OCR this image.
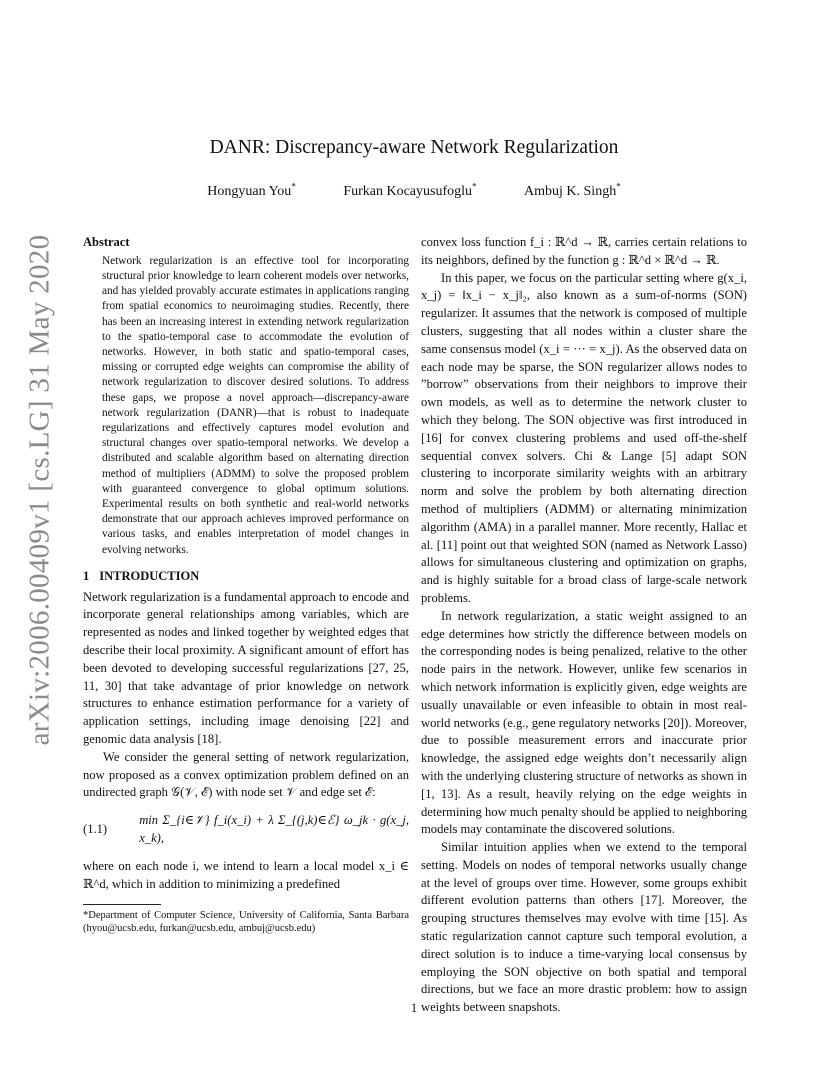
arXiv:2006.00409v1 [cs.LG] 31 May 2020
DANR: Discrepancy-aware Network Regularization
Hongyuan You*	Furkan Kocayusufoglu*	Ambuj K. Singh*
Abstract
Network regularization is an effective tool for incorporating structural prior knowledge to learn coherent models over networks, and has yielded provably accurate estimates in applications ranging from spatial economics to neuroimaging studies. Recently, there has been an increasing interest in extending network regularization to the spatio-temporal case to accommodate the evolution of networks. However, in both static and spatio-temporal cases, missing or corrupted edge weights can compromise the ability of network regularization to discover desired solutions. To address these gaps, we propose a novel approach—discrepancy-aware network regularization (DANR)—that is robust to inadequate regularizations and effectively captures model evolution and structural changes over spatio-temporal networks. We develop a distributed and scalable algorithm based on alternating direction method of multipliers (ADMM) to solve the proposed problem with guaranteed convergence to global optimum solutions. Experimental results on both synthetic and real-world networks demonstrate that our approach achieves improved performance on various tasks, and enables interpretation of model changes in evolving networks.
1 INTRODUCTION

Network regularization is a fundamental approach to encode and incorporate general relationships among variables, which are represented as nodes and linked together by weighted edges that describe their local proximity. A significant amount of effort has been devoted to developing successful regularizations [27, 25, 11, 30] that take advantage of prior knowledge on network structures to enhance estimation performance for a variety of application settings, including image denoising [22] and genomic data analysis [18].

We consider the general setting of network regularization, now proposed as a convex optimization problem defined on an undirected graph 𝒢(𝒱, ℰ) with node set 𝒱 and edge set ℰ:

(1.1)
min Σ_{i∈𝒱} f_i(x_i) + λ Σ_{(j,k)∈ℰ} ω_jk · g(x_j, x_k),

where on each node i, we intend to learn a local model x_i ∈ ℝ^d, which in addition to minimizing a predefined

*Department of Computer Science, University of California, Santa Barbara (hyou@ucsb.edu, furkan@ucsb.edu, ambuj@ucsb.edu)

convex loss function f_i : ℝ^d → ℝ, carries certain relations to its neighbors, defined by the function g : ℝ^d × ℝ^d → ℝ.

In this paper, we focus on the particular setting where g(x_i, x_j) = ‖x_i − x_j‖₂, also known as a sum-of-norms (SON) regularizer. It assumes that the network is composed of multiple clusters, suggesting that all nodes within a cluster share the same consensus model (x_i = ··· = x_j). As the observed data on each node may be sparse, the SON regularizer allows nodes to ”borrow” observations from their neighbors to improve their own models, as well as to determine the network cluster to which they belong. The SON objective was first introduced in [16] for convex clustering problems and used off-the-shelf sequential convex solvers. Chi & Lange [5] adapt SON clustering to incorporate similarity weights with an arbitrary norm and solve the problem by both alternating direction method of multipliers (ADMM) or alternating minimization algorithm (AMA) in a parallel manner. More recently, Hallac et al. [11] point out that weighted SON (named as Network Lasso) allows for simultaneous clustering and optimization on graphs, and is highly suitable for a broad class of large-scale network problems.

In network regularization, a static weight assigned to an edge determines how strictly the difference between models on the corresponding nodes is being penalized, relative to the other node pairs in the network. However, unlike few scenarios in which network information is explicitly given, edge weights are usually unavailable or even infeasible to obtain in most real-world networks (e.g., gene regulatory networks [20]). Moreover, due to possible measurement errors and inaccurate prior knowledge, the assigned edge weights don’t necessarily align with the underlying clustering structure of networks as shown in [1, 13]. As a result, heavily relying on the edge weights in determining how much penalty should be applied to neighboring models may contaminate the discovered solutions.

Similar intuition applies when we extend to the temporal setting. Models on nodes of temporal networks usually change at the level of groups over time. However, some groups exhibit different evolution patterns than others [17]. Moreover, the grouping structures themselves may evolve with time [15]. As static regularization cannot capture such temporal evolution, a direct solution is to induce a time-varying local consensus by employing the SON objective on both spatial and temporal directions, but we face an more drastic problem: how to assign weights between snapshots.

1
